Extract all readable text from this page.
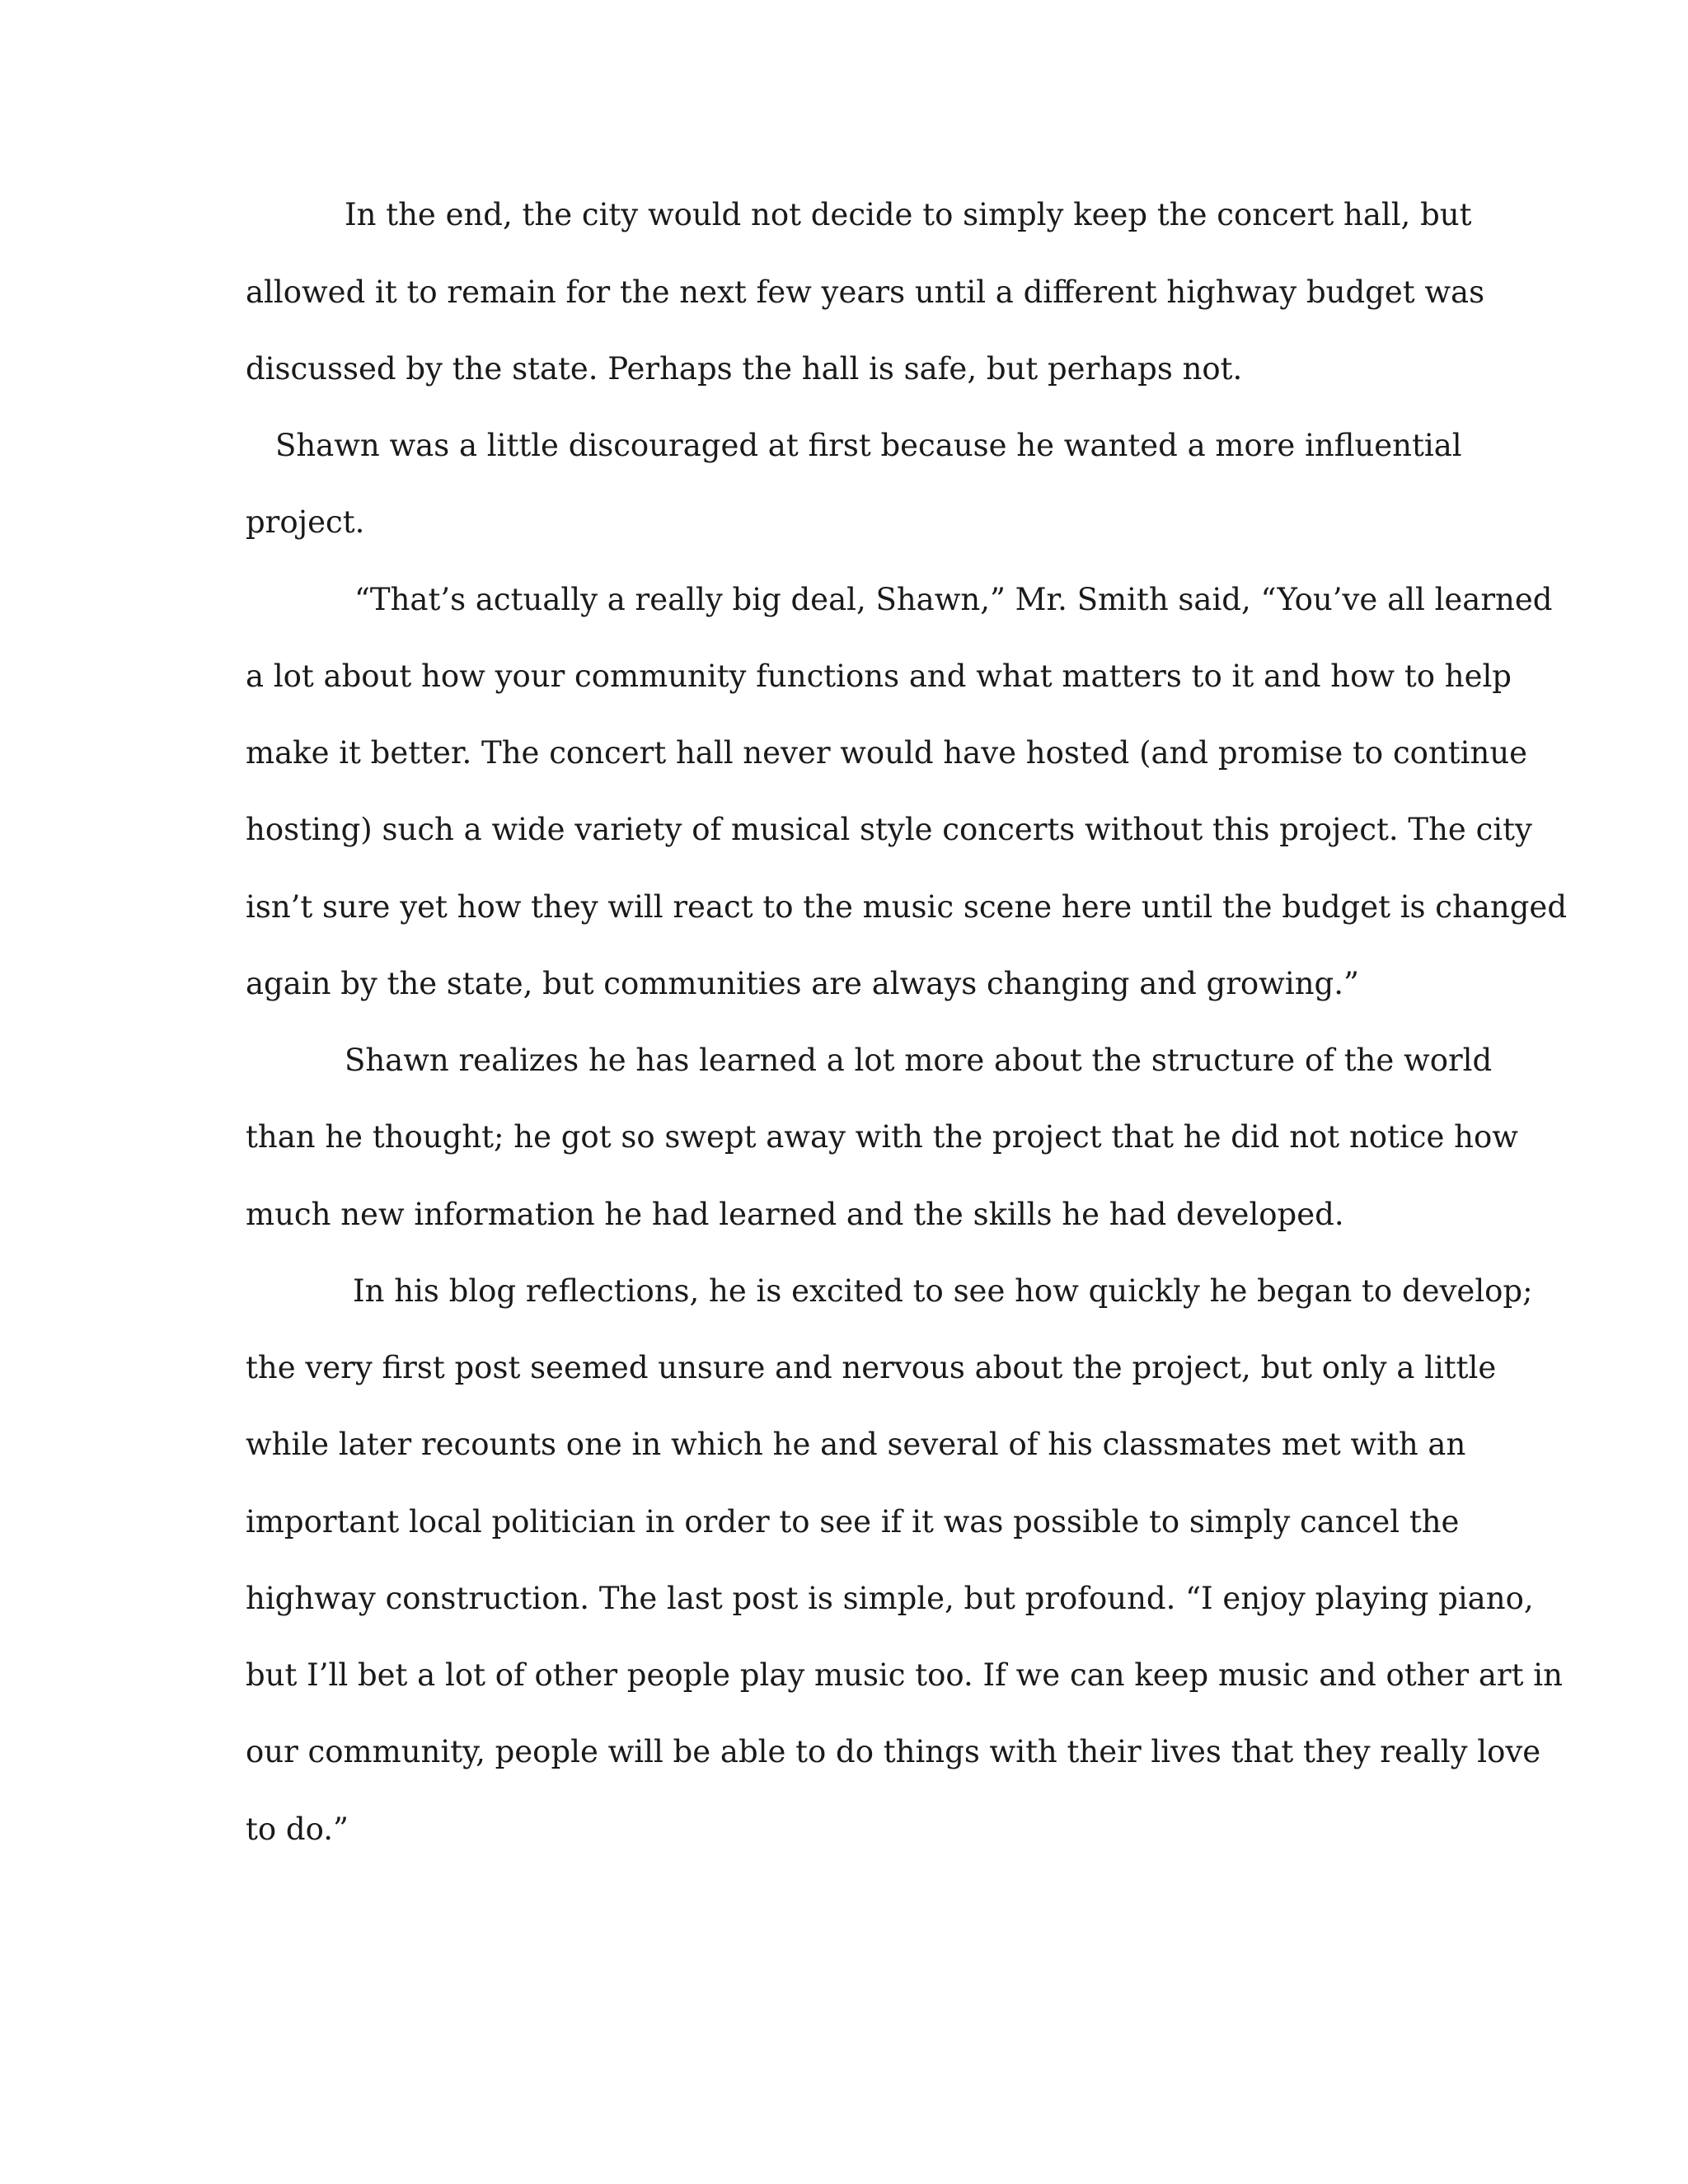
In the end, the city would not decide to simply keep the concert hall, but

allowed it to remain for the next few years until a different highway budget was

discussed by the state. Perhaps the hall is safe, but perhaps not.

Shawn was a little discouraged at first because he wanted a more influential

project.

“That’s actually a really big deal, Shawn,” Mr. Smith said, “You’ve all learned

a lot about how your community functions and what matters to it and how to help

make it better. The concert hall never would have hosted (and promise to continue

hosting) such a wide variety of musical style concerts without this project. The city

isn’t sure yet how they will react to the music scene here until the budget is changed

again by the state, but communities are always changing and growing.”

Shawn realizes he has learned a lot more about the structure of the world

than he thought; he got so swept away with the project that he did not notice how

much new information he had learned and the skills he had developed.

In his blog reflections, he is excited to see how quickly he began to develop;

the very first post seemed unsure and nervous about the project, but only a little

while later recounts one in which he and several of his classmates met with an

important local politician in order to see if it was possible to simply cancel the

highway construction. The last post is simple, but profound. “I enjoy playing piano,

but I’ll bet a lot of other people play music too. If we can keep music and other art in

our community, people will be able to do things with their lives that they really love

to do.”
